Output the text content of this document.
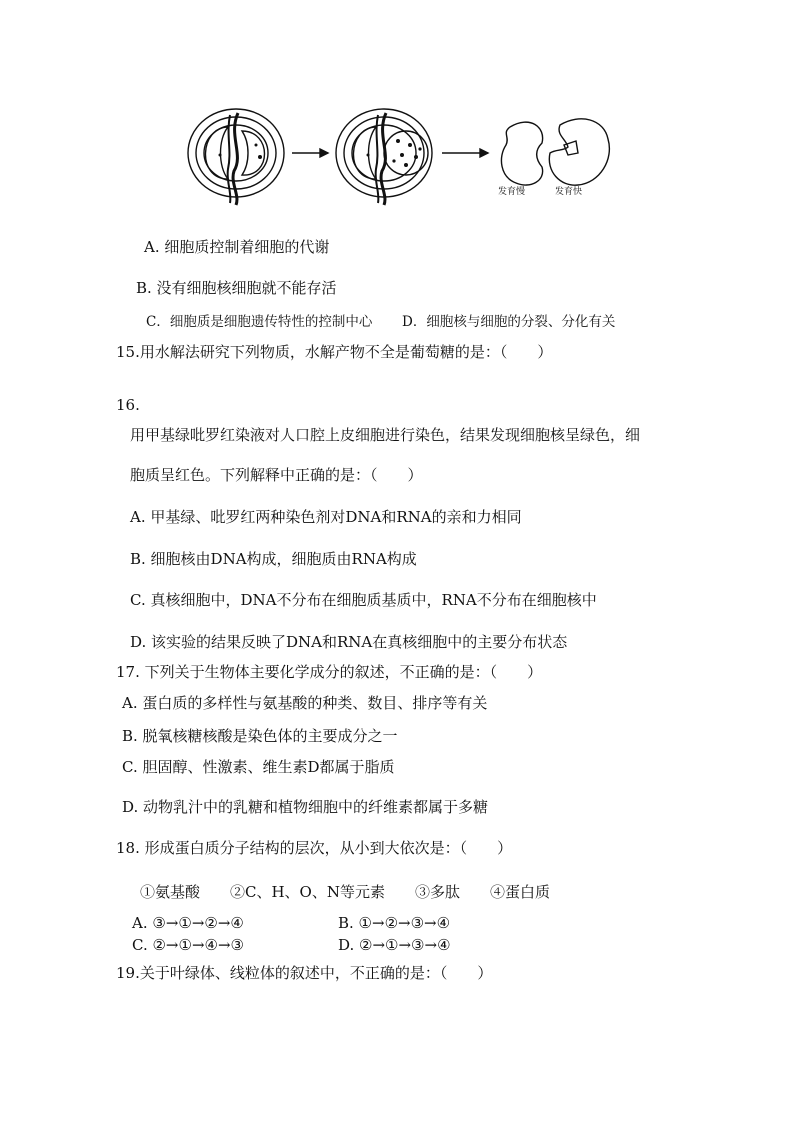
发育慢	发育快
A. 细胞质控制着细胞的代谢
B. 没有细胞核细胞就不能存活
C．细胞质是细胞遗传特性的控制中心 D．细胞核与细胞的分裂、分化有关
15.用水解法研究下列物质，水解产物不全是葡萄糖的是：（　　）
16.
用甲基绿吡罗红染液对人口腔上皮细胞进行染色，结果发现细胞核呈绿色，细
胞质呈红色。下列解释中正确的是：（　　）
A. 甲基绿、吡罗红两种染色剂对DNA和RNA的亲和力相同
B. 细胞核由DNA构成，细胞质由RNA构成
C. 真核细胞中，DNA不分布在细胞质基质中，RNA不分布在细胞核中
D. 该实验的结果反映了DNA和RNA在真核细胞中的主要分布状态
17. 下列关于生物体主要化学成分的叙述，不正确的是：（　　）
A. 蛋白质的多样性与氨基酸的种类、数目、排序等有关
B. 脱氧核糖核酸是染色体的主要成分之一
C. 胆固醇、性激素、维生素D都属于脂质
D. 动物乳汁中的乳糖和植物细胞中的纤维素都属于多糖
18. 形成蛋白质分子结构的层次，从小到大依次是：（　　）
①氨基酸　　②C、H、O、N等元素　　③多肽　　④蛋白质
A. ③→①→②→④	B. ①→②→③→④
C. ②→①→④→③	D. ②→①→③→④
19.关于叶绿体、线粒体的叙述中，不正确的是：（　　）
